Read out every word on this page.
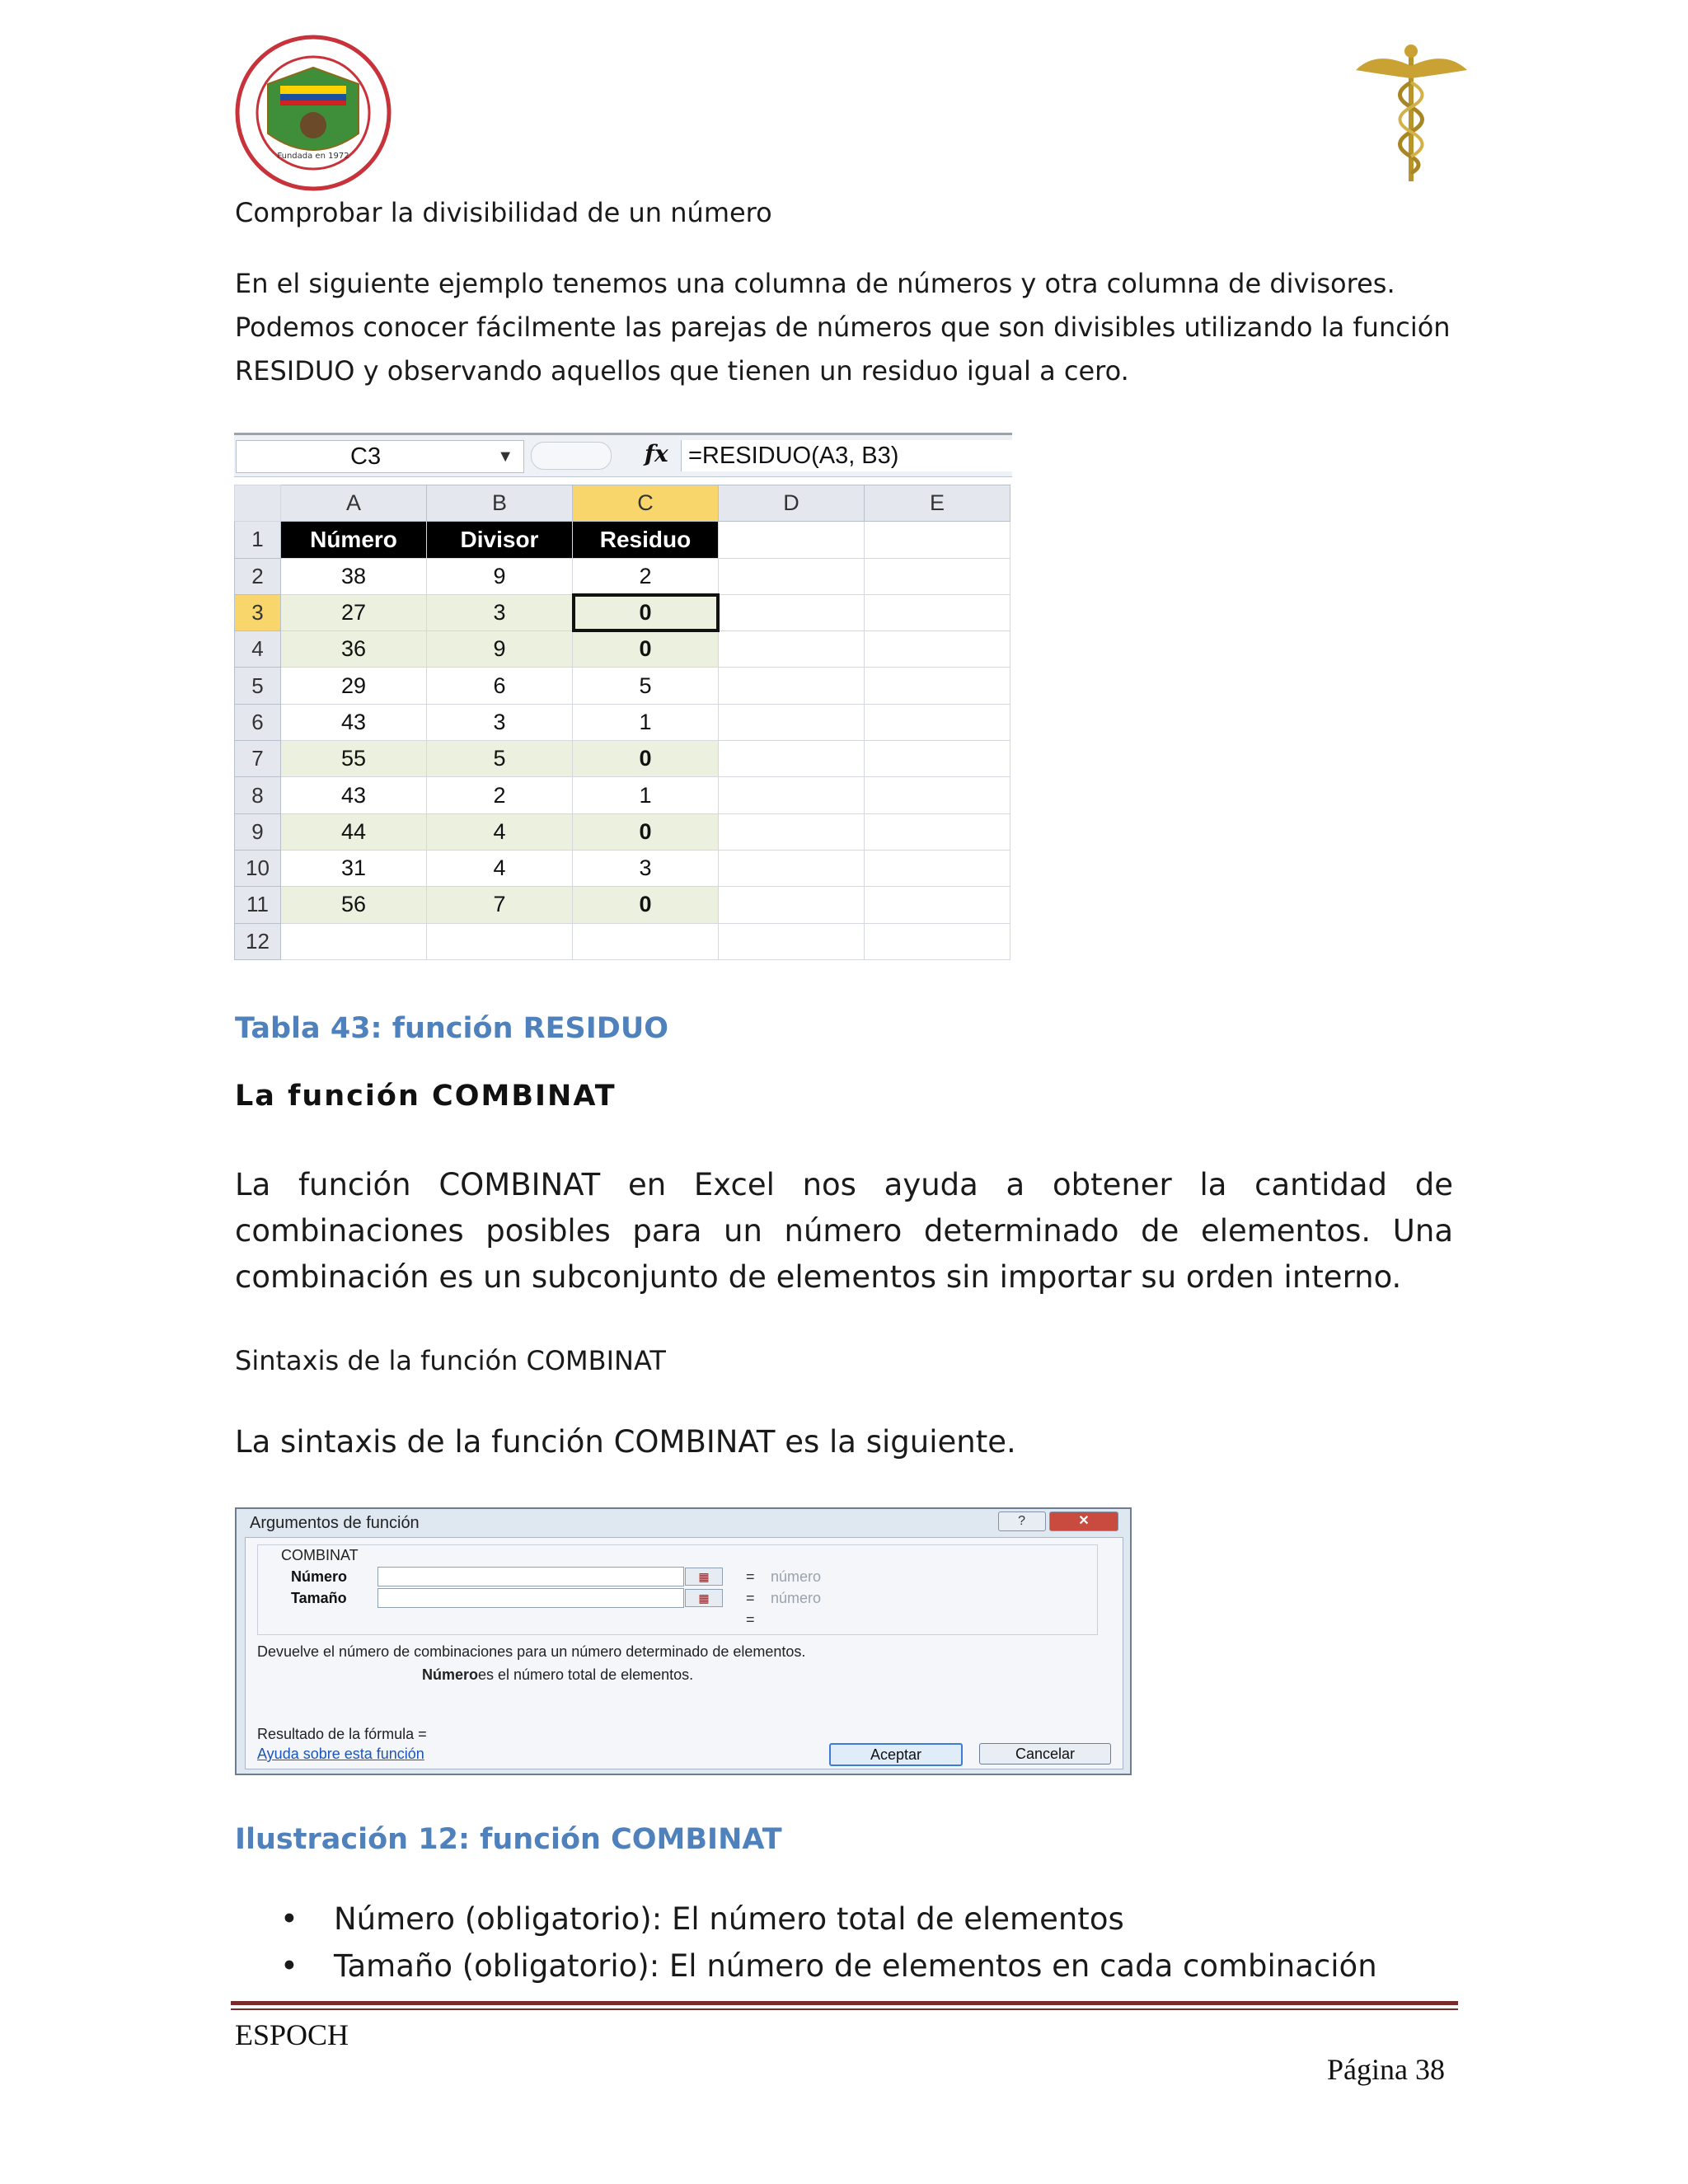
Fundada en 1972
Comprobar la divisibilidad de un número
En el siguiente ejemplo tenemos una columna de números y otra columna de divisores. Podemos conocer fácilmente las parejas de números que son divisibles utilizando la función RESIDUO y observando aquellos que tienen un residuo igual a cero.
C3	▼	fx =RESIDUO(A3, B3)
	A	B	C	D	E
1	Número	Divisor	Residuo		
2	38	9	2		
3	27	3	0		
4	36	9	0		
5	29	6	5		
6	43	3	1		
7	55	5	0		
8	43	2	1		
9	44	4	0		
10	31	4	3		
11	56	7	0		
12					
Tabla 43: función RESIDUO
La función COMBINAT
La función COMBINAT en Excel nos ayuda a obtener la cantidad de combinaciones posibles para un número determinado de elementos. Una combinación es un subconjunto de elementos sin importar su orden interno.
Sintaxis de la función COMBINAT
La sintaxis de la función COMBINAT es la siguiente.
Argumentos de función	?	✕
COMBINAT
Número	▦	= número
Tamaño	▦	= número
=
Devuelve el número de combinaciones para un número determinado de elementos.
Número es el número total de elementos.
Resultado de la fórmula =
Ayuda sobre esta función	Aceptar	Cancelar
Ilustración 12: función COMBINAT
• Número (obligatorio): El número total de elementos
• Tamaño (obligatorio): El número de elementos en cada combinación
ESPOCH
Página 38
